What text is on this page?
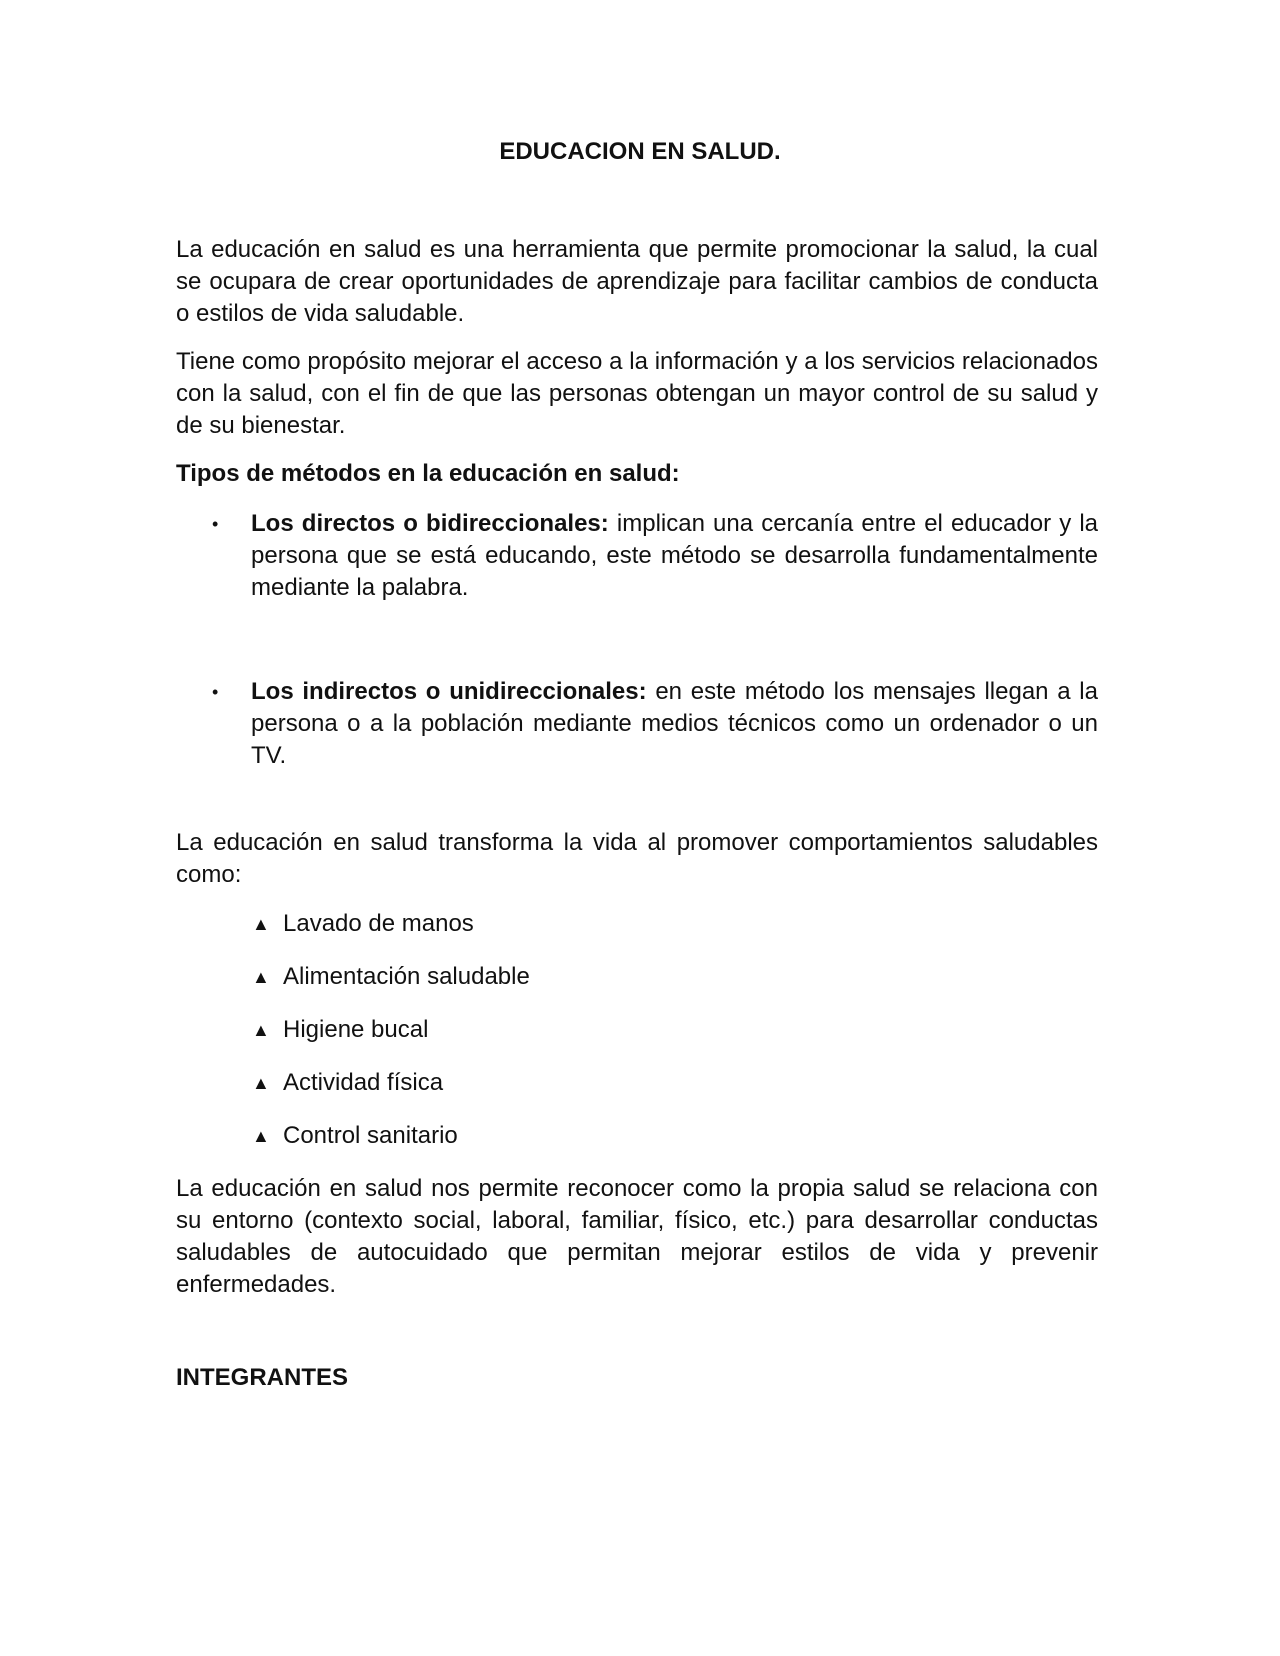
EDUCACION EN SALUD.

La educación en salud es una herramienta que permite promocionar la salud, la cual se ocupara de crear oportunidades de aprendizaje para facilitar cambios de conducta o estilos de vida saludable.

Tiene como propósito mejorar el acceso a la información y a los servicios relacionados con la salud, con el fin de que las personas obtengan un mayor control de su salud y de su bienestar.

Tipos de métodos en la educación en salud:

• Los directos o bidireccionales: implican una cercanía entre el educador y la persona que se está educando, este método se desarrolla fundamentalmente mediante la palabra.
• Los indirectos o unidireccionales: en este método los mensajes llegan a la persona o a la población mediante medios técnicos como un ordenador o un TV.

La educación en salud transforma la vida al promover comportamientos saludables como:

▲ Lavado de manos
▲ Alimentación saludable
▲ Higiene bucal
▲ Actividad física
▲ Control sanitario

La educación en salud nos permite reconocer como la propia salud se relaciona con su entorno (contexto social, laboral, familiar, físico, etc.) para desarrollar conductas saludables de autocuidado que permitan mejorar estilos de vida y prevenir enfermedades.

INTEGRANTES
